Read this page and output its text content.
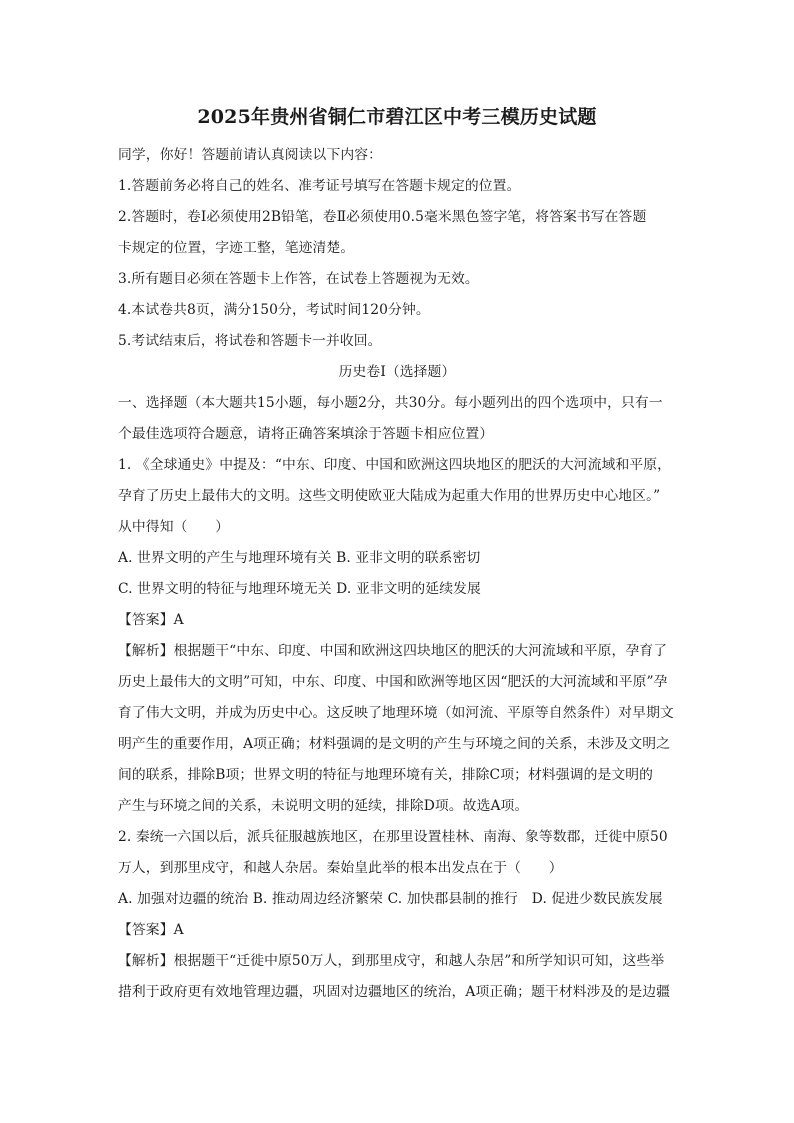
2025年贵州省铜仁市碧江区中考三模历史试题
同学，你好！答题前请认真阅读以下内容：
1.答题前务必将自己的姓名、准考证号填写在答题卡规定的位置。
2.答题时，卷Ⅰ必须使用2B铅笔，卷Ⅱ必须使用0.5毫米黑色签字笔，将答案书写在答题
卡规定的位置，字迹工整，笔迹清楚。
3.所有题目必须在答题卡上作答，在试卷上答题视为无效。
4.本试卷共8页，满分150分，考试时间120分钟。
5.考试结束后，将试卷和答题卡一并收回。
历史卷Ⅰ（选择题）
一、选择题（本大题共15小题，每小题2分，共30分。每小题列出的四个选项中，只有一
个最佳选项符合题意，请将正确答案填涂于答题卡相应位置）
1. 《全球通史》中提及：“中东、印度、中国和欧洲这四块地区的肥沃的大河流域和平原，
孕育了历史上最伟大的文明。这些文明使欧亚大陆成为起重大作用的世界历史中心地区。”
从中得知（　　）
A. 世界文明的产生与地理环境有关 B. 亚非文明的联系密切
C. 世界文明的特征与地理环境无关 D. 亚非文明的延续发展
【答案】A
【解析】根据题干“中东、印度、中国和欧洲这四块地区的肥沃的大河流域和平原，孕育了
历史上最伟大的文明”可知，中东、印度、中国和欧洲等地区因“肥沃的大河流域和平原”孕
育了伟大文明，并成为历史中心。这反映了地理环境（如河流、平原等自然条件）对早期文
明产生的重要作用，A项正确；材料强调的是文明的产生与环境之间的关系，未涉及文明之
间的联系，排除B项；世界文明的特征与地理环境有关，排除C项；材料强调的是文明的
产生与环境之间的关系，未说明文明的延续，排除D项。故选A项。
2. 秦统一六国以后，派兵征服越族地区，在那里设置桂林、南海、象等数郡，迁徙中原50
万人，到那里戍守，和越人杂居。秦始皇此举的根本出发点在于（　　）
A. 加强对边疆的统治 B. 推动周边经济繁荣 C. 加快郡县制的推行　D. 促进少数民族发展
【答案】A
【解析】根据题干“迁徙中原50万人，到那里戍守，和越人杂居”和所学知识可知，这些举
措利于政府更有效地管理边疆，巩固对边疆地区的统治，A项正确；题干材料涉及的是边疆
